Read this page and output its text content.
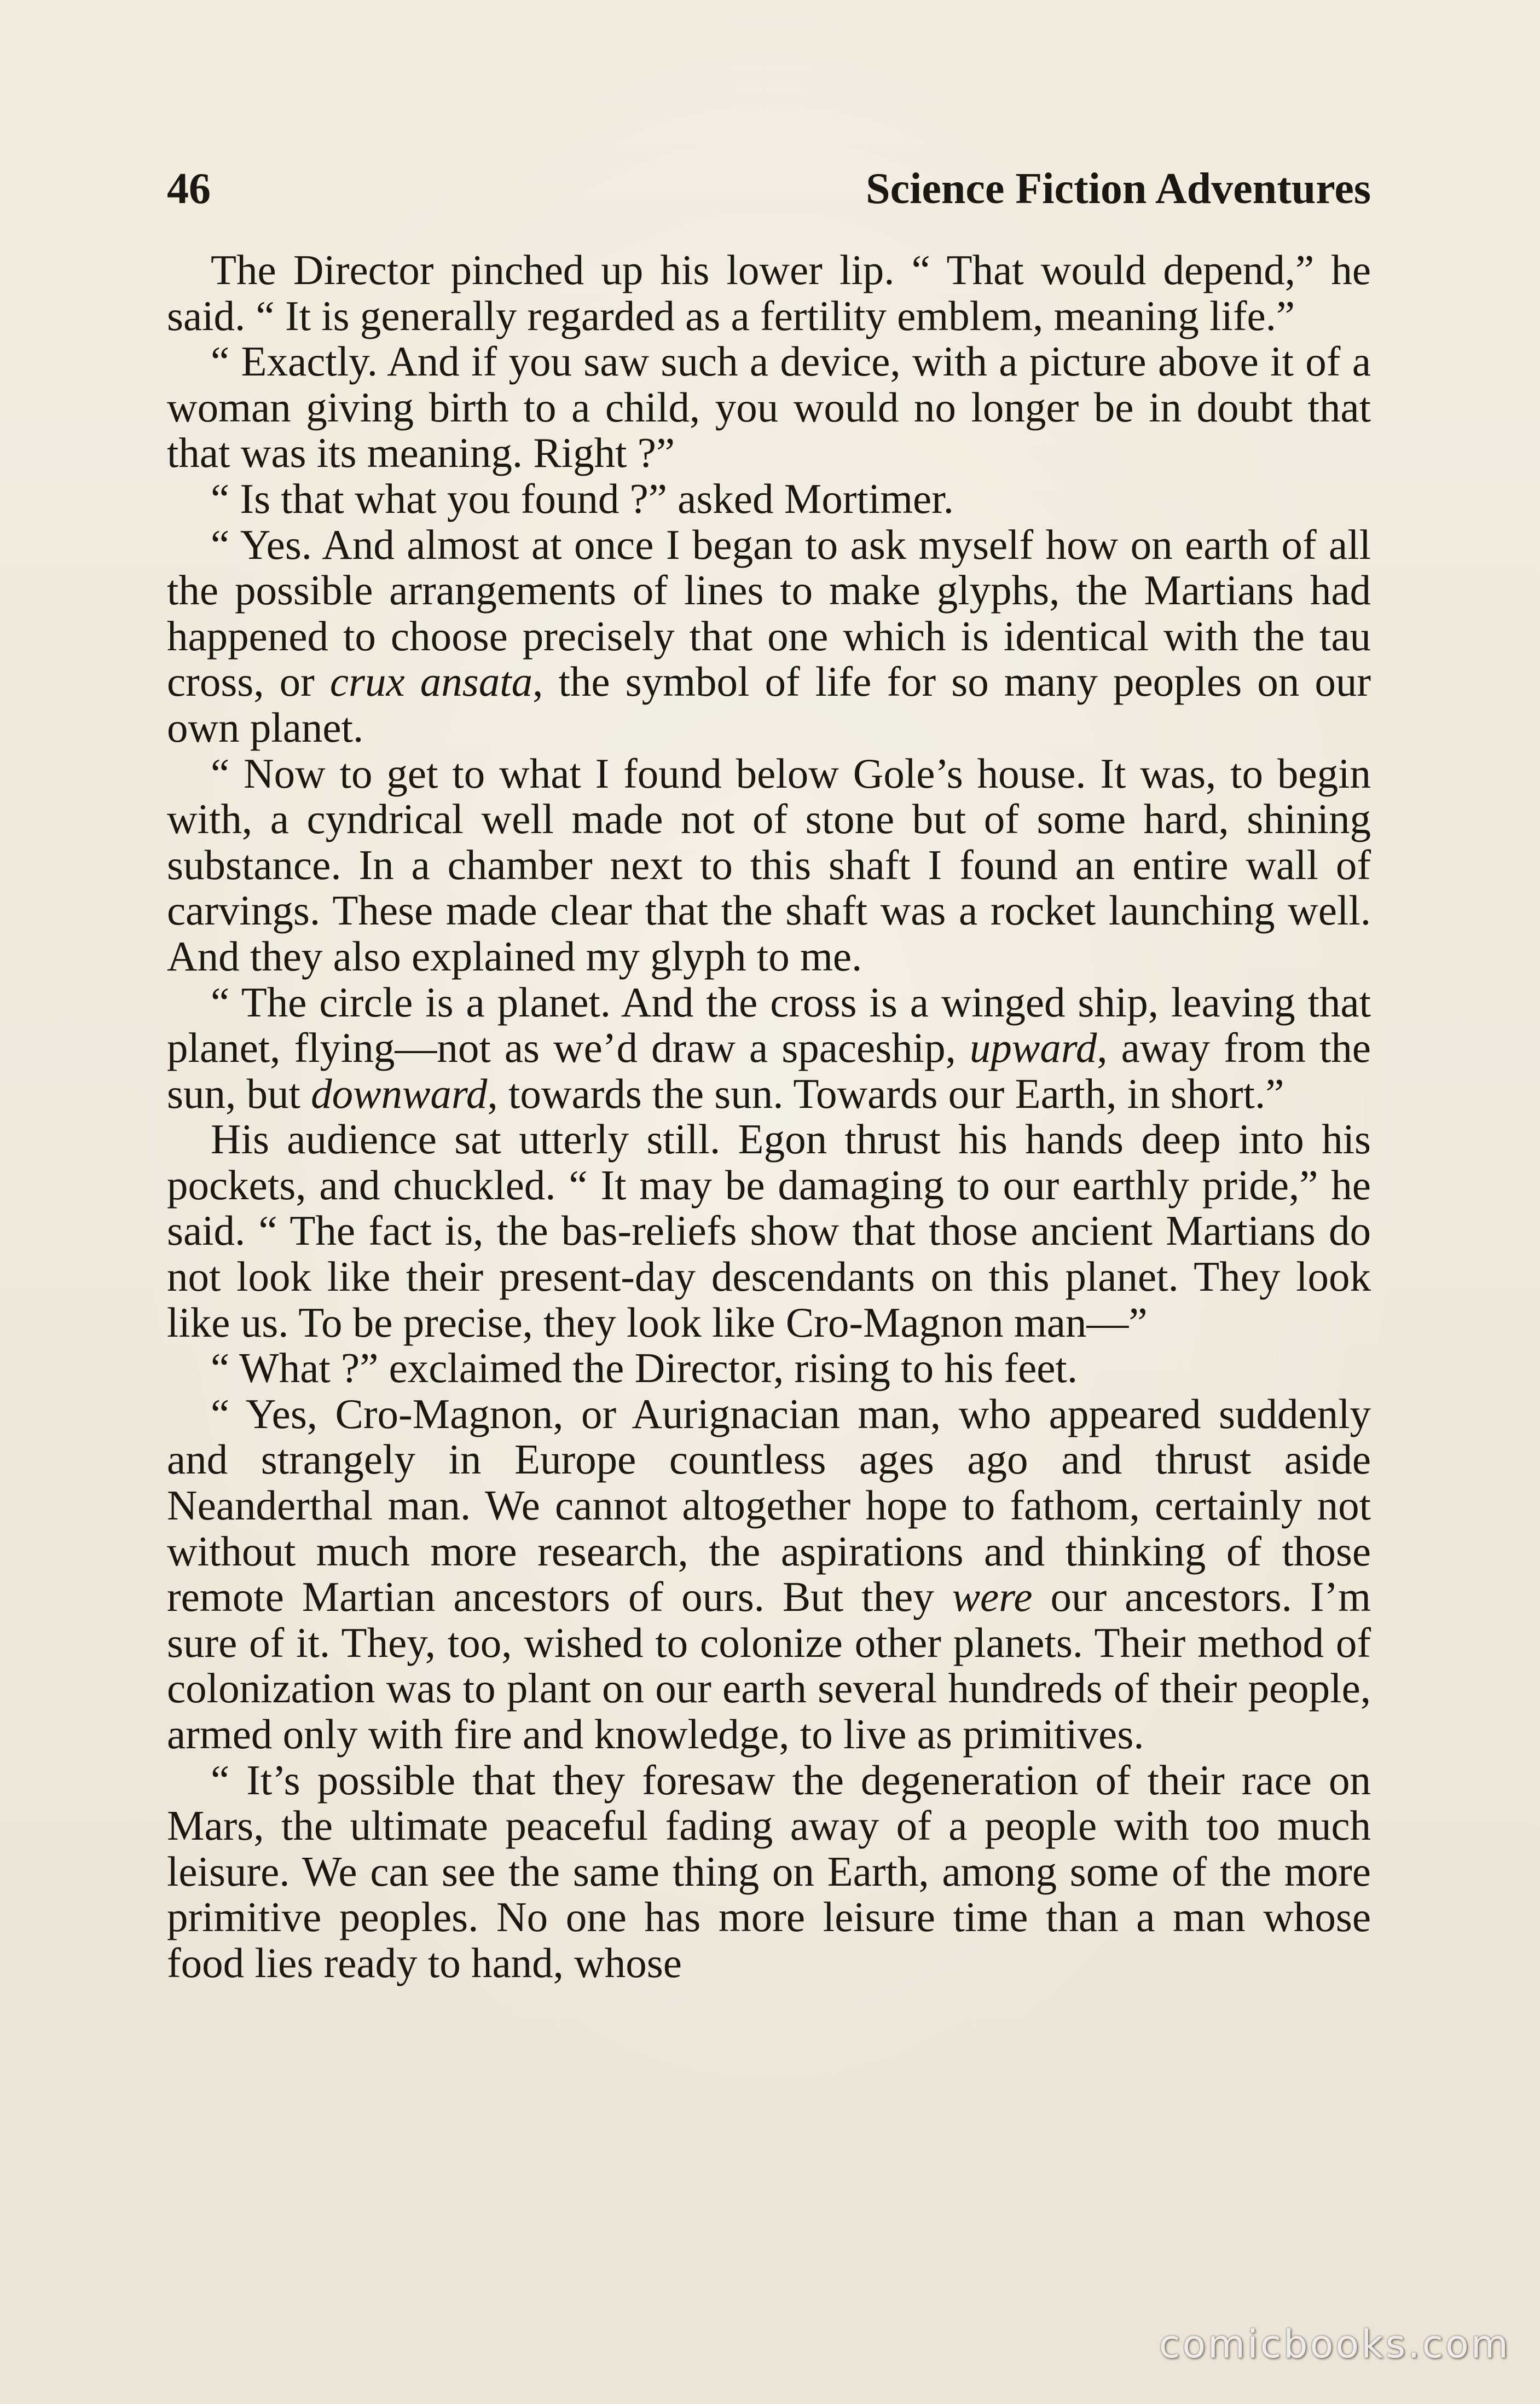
46	Science Fiction Adventures

The Director pinched up his lower lip. “ That would depend,” he said. “ It is generally regarded as a fertility emblem, meaning life.”

“ Exactly. And if you saw such a device, with a picture above it of a woman giving birth to a child, you would no longer be in doubt that that was its meaning. Right ?”

“ Is that what you found ?” asked Mortimer.

“ Yes. And almost at once I began to ask myself how on earth of all the possible arrangements of lines to make glyphs, the Martians had happened to choose precisely that one which is identical with the tau cross, or crux ansata, the symbol of life for so many peoples on our own planet.

“ Now to get to what I found below Gole’s house. It was, to begin with, a cyndrical well made not of stone but of some hard, shining substance. In a chamber next to this shaft I found an entire wall of carvings. These made clear that the shaft was a rocket launching well. And they also explained my glyph to me.

“ The circle is a planet. And the cross is a winged ship, leaving that planet, flying—not as we’d draw a spaceship, upward, away from the sun, but downward, towards the sun. Towards our Earth, in short.”

His audience sat utterly still. Egon thrust his hands deep into his pockets, and chuckled. “ It may be damaging to our earthly pride,” he said. “ The fact is, the bas-reliefs show that those ancient Martians do not look like their present-day descendants on this planet. They look like us. To be precise, they look like Cro-Magnon man—”

“ What ?” exclaimed the Director, rising to his feet.

“ Yes, Cro-Magnon, or Aurignacian man, who appeared suddenly and strangely in Europe countless ages ago and thrust aside Neanderthal man. We cannot altogether hope to fathom, certainly not without much more research, the aspirations and thinking of those remote Martian ancestors of ours. But they were our ancestors. I’m sure of it. They, too, wished to colonize other planets. Their method of colonization was to plant on our earth several hundreds of their people, armed only with fire and knowledge, to live as primitives.

“ It’s possible that they foresaw the degeneration of their race on Mars, the ultimate peaceful fading away of a people with too much leisure. We can see the same thing on Earth, among some of the more primitive peoples. No one has more leisure time than a man whose food lies ready to hand, whose

comicbooks.com
